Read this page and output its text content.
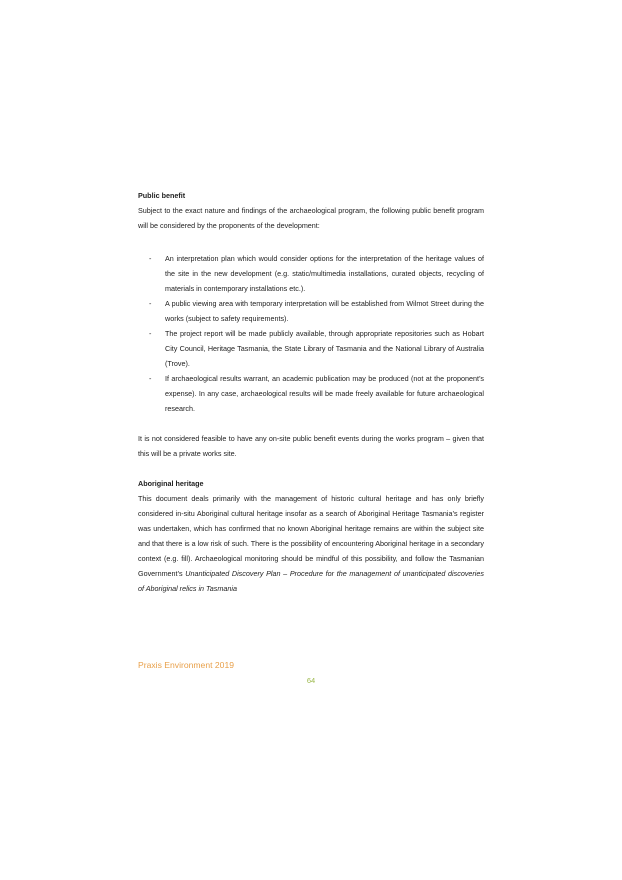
Public benefit

Subject to the exact nature and findings of the archaeological program, the following public benefit program will be considered by the proponents of the development:

- An interpretation plan which would consider options for the interpretation of the heritage values of the site in the new development (e.g. static/multimedia installations, curated objects, recycling of materials in contemporary installations etc.).
- A public viewing area with temporary interpretation will be established from Wilmot Street during the works (subject to safety requirements).
- The project report will be made publicly available, through appropriate repositories such as Hobart City Council, Heritage Tasmania, the State Library of Tasmania and the National Library of Australia (Trove).
- If archaeological results warrant, an academic publication may be produced (not at the proponent’s expense). In any case, archaeological results will be made freely available for future archaeological research.

It is not considered feasible to have any on-site public benefit events during the works program – given that this will be a private works site.

Aboriginal heritage

This document deals primarily with the management of historic cultural heritage and has only briefly considered in-situ Aboriginal cultural heritage insofar as a search of Aboriginal Heritage Tasmania’s register was undertaken, which has confirmed that no known Aboriginal heritage remains are within the subject site and that there is a low risk of such. There is the possibility of encountering Aboriginal heritage in a secondary context (e.g. fill). Archaeological monitoring should be mindful of this possibility, and follow the Tasmanian Government’s Unanticipated Discovery Plan – Procedure for the management of unanticipated discoveries of Aboriginal relics in Tasmania

Praxis Environment 2019
64
